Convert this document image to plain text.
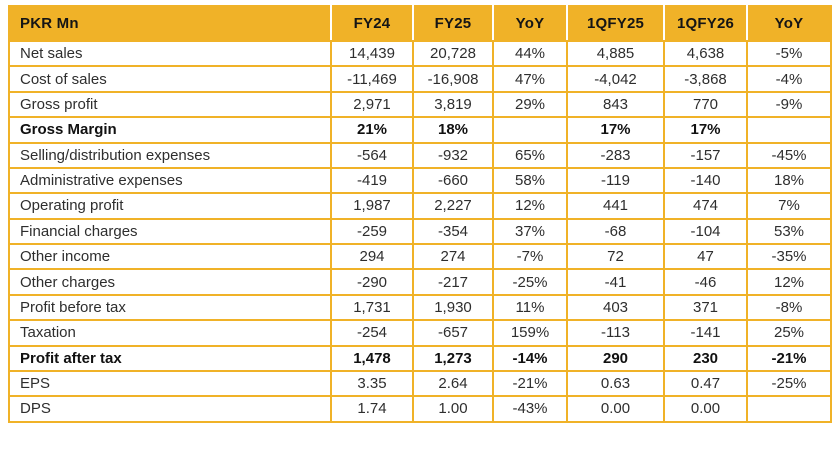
PKR Mn	FY24	FY25	YoY	1QFY25	1QFY26	YoY
Net sales	14,439	20,728	44%	4,885	4,638	-5%
Cost of sales	-11,469	-16,908	47%	-4,042	-3,868	-4%
Gross profit	2,971	3,819	29%	843	770	-9%
Gross Margin	21%	18%		17%	17%	
Selling/distribution expenses	-564	-932	65%	-283	-157	-45%
Administrative expenses	-419	-660	58%	-119	-140	18%
Operating profit	1,987	2,227	12%	441	474	7%
Financial charges	-259	-354	37%	-68	-104	53%
Other income	294	274	-7%	72	47	-35%
Other charges	-290	-217	-25%	-41	-46	12%
Profit before tax	1,731	1,930	11%	403	371	-8%
Taxation	-254	-657	159%	-113	-141	25%
Profit after tax	1,478	1,273	-14%	290	230	-21%
EPS	3.35	2.64	-21%	0.63	0.47	-25%
DPS	1.74	1.00	-43%	0.00	0.00	
